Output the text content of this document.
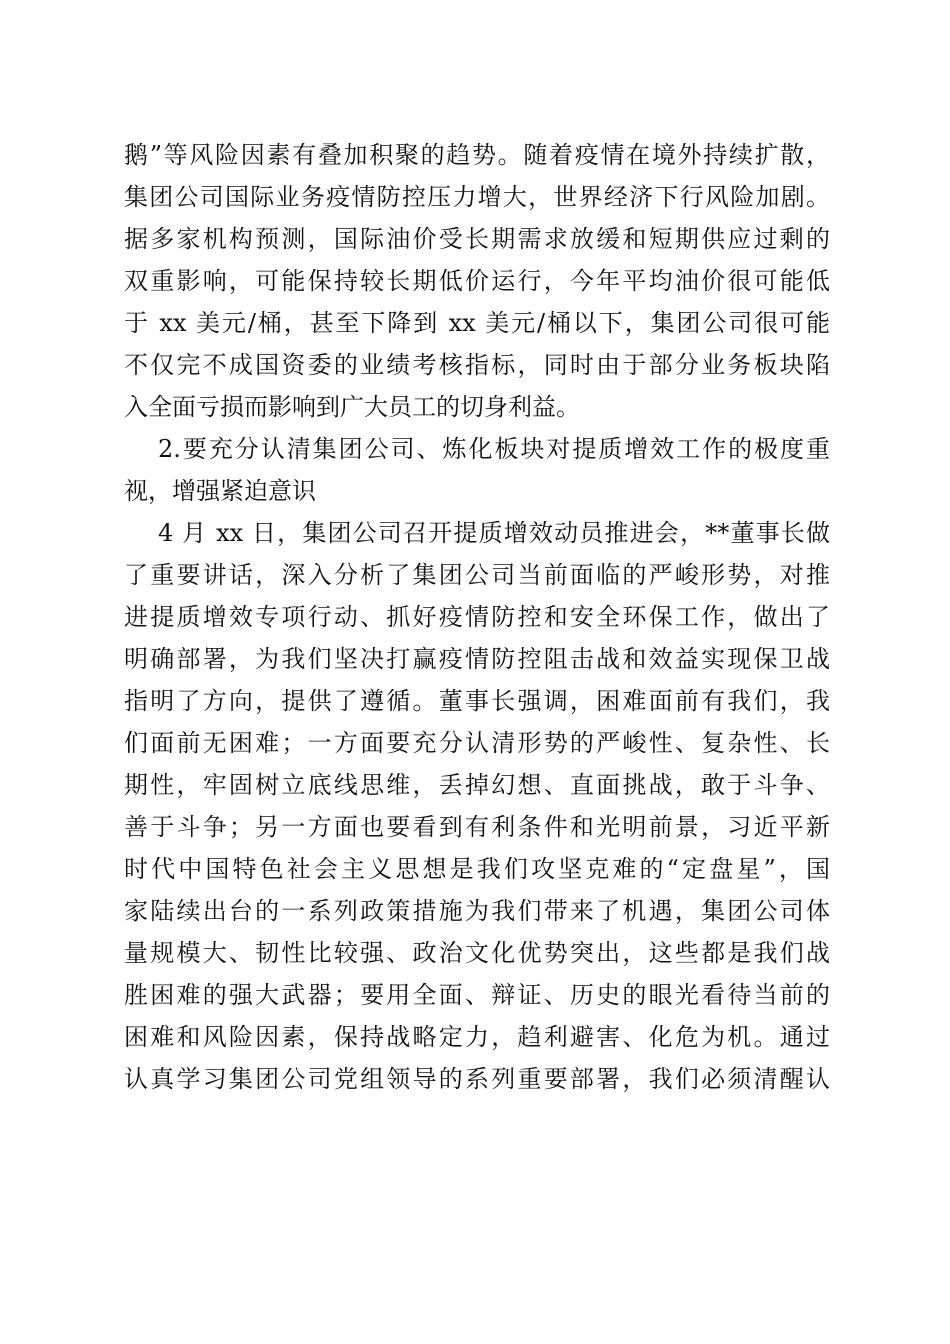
鹅”等风险因素有叠加积聚的趋势。随着疫情在境外持续扩散，
集团公司国际业务疫情防控压力增大，世界经济下行风险加剧。
据多家机构预测，国际油价受长期需求放缓和短期供应过剩的
双重影响，可能保持较长期低价运行，今年平均油价很可能低
于 xx 美元/桶，甚至下降到 xx 美元/桶以下，集团公司很可能
不仅完不成国资委的业绩考核指标，同时由于部分业务板块陷
入全面亏损而影响到广大员工的切身利益。
2.要充分认清集团公司、炼化板块对提质增效工作的极度重
视，增强紧迫意识
4 月 xx 日，集团公司召开提质增效动员推进会，**董事长做
了重要讲话，深入分析了集团公司当前面临的严峻形势，对推
进提质增效专项行动、抓好疫情防控和安全环保工作，做出了
明确部署，为我们坚决打赢疫情防控阻击战和效益实现保卫战
指明了方向，提供了遵循。董事长强调，困难面前有我们，我
们面前无困难；一方面要充分认清形势的严峻性、复杂性、长
期性，牢固树立底线思维，丢掉幻想、直面挑战，敢于斗争、
善于斗争；另一方面也要看到有利条件和光明前景，习近平新
时代中国特色社会主义思想是我们攻坚克难的“定盘星”，国
家陆续出台的一系列政策措施为我们带来了机遇，集团公司体
量规模大、韧性比较强、政治文化优势突出，这些都是我们战
胜困难的强大武器；要用全面、辩证、历史的眼光看待当前的
困难和风险因素，保持战略定力，趋利避害、化危为机。通过
认真学习集团公司党组领导的系列重要部署，我们必须清醒认
